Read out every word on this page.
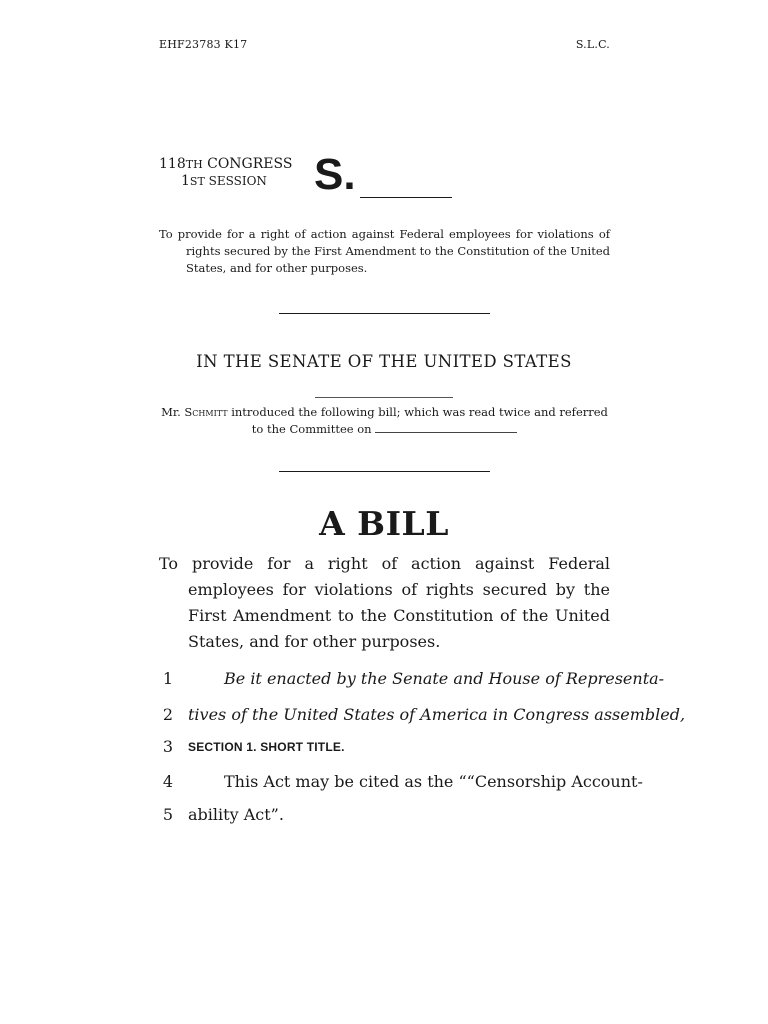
EHF23783 K17	S.L.C.
118TH CONGRESS
1ST SESSION	S.
To provide for a right of action against Federal employees for violations of rights secured by the First Amendment to the Constitution of the United States, and for other purposes.
IN THE SENATE OF THE UNITED STATES
Mr. Schmitt introduced the following bill; which was read twice and referred to the Committee on
A BILL
To provide for a right of action against Federal employees for violations of rights secured by the First Amendment to the Constitution of the United States, and for other purposes.
1	Be it enacted by the Senate and House of Representa-
2 tives of the United States of America in Congress assembled,
3	SECTION 1. SHORT TITLE.
4	This Act may be cited as the ““Censorship Account-
5 ability Act”.
